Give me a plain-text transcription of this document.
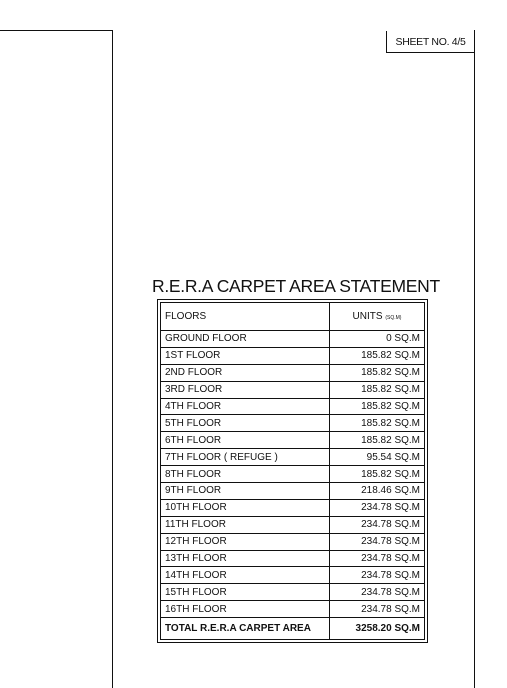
SHEET NO. 4/5
R.E.R.A CARPET AREA STATEMENT
FLOORS	UNITS (SQ.M)
GROUND FLOOR	0 SQ.M
1ST FLOOR	185.82 SQ.M
2ND FLOOR	185.82 SQ.M
3RD FLOOR	185.82 SQ.M
4TH FLOOR	185.82 SQ.M
5TH FLOOR	185.82 SQ.M
6TH FLOOR	185.82 SQ.M
7TH FLOOR ( REFUGE )	95.54 SQ.M
8TH FLOOR	185.82 SQ.M
9TH FLOOR	218.46 SQ.M
10TH FLOOR	234.78 SQ.M
11TH FLOOR	234.78 SQ.M
12TH FLOOR	234.78 SQ.M
13TH FLOOR	234.78 SQ.M
14TH FLOOR	234.78 SQ.M
15TH FLOOR	234.78 SQ.M
16TH FLOOR	234.78 SQ.M
TOTAL R.E.R.A CARPET AREA	3258.20 SQ.M
